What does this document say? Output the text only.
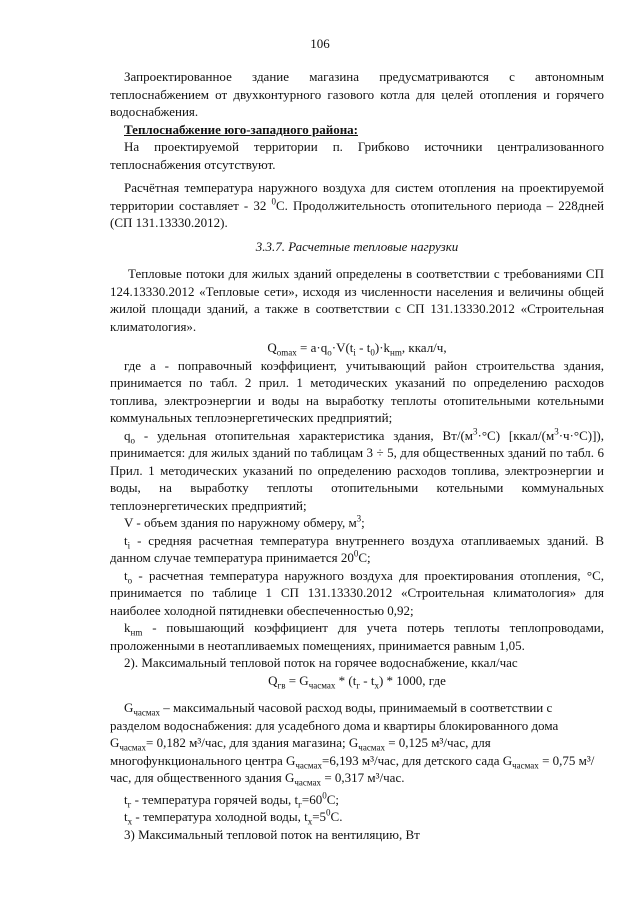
106

Запроектированное здание магазина предусматриваются с автономным теплоснабжением от двухконтурного газового котла для целей отопления и горячего водоснабжения.

Теплоснабжение юго-западного района:

На проектируемой территории п. Грибково источники централизованного теплоснабжения отсутствуют.

Расчётная температура наружного воздуха для систем отопления на проектируемой территории составляет - 32 $^0$C. Продолжительность отопительного периода – 228дней (СП 131.13330.2012).

3.3.7. Расчетные тепловые нагрузки

Тепловые потоки для жилых зданий определены в соответствии с требованиями СП 124.13330.2012 «Тепловые сети», исходя из численности населения и величины общей жилой площади зданий, а также в соответствии с СП 131.13330.2012 «Строительная климатология».

$Q_{omax} = a\cdot q_o\cdot V(t_i - t_0)\cdot k_{нm}$, ккал/ч,

где а - поправочный коэффициент, учитывающий район строительства здания, принимается по табл. 2 прил. 1 методических указаний по определению расходов топлива, электроэнергии и воды на выработку теплоты отопительными котельными коммунальных теплоэнергетических предприятий;

$q_o$ - удельная отопительная характеристика здания, $Вт/(м^3\cdot^\circ С)$ $[ккал/(м^3\cdot ч\cdot^\circ С)]$), принимается: для жилых зданий по таблицам 3 ÷ 5, для общественных зданий по табл. 6 Прил. 1 методических указаний по определению расходов топлива, электроэнергии и воды, на выработку теплоты отопительными котельными коммунальных теплоэнергетических предприятий;

V - объем здания по наружному обмеру, $м^3$;

$t_i$ - средняя расчетная температура внутреннего воздуха отапливаемых зданий. В данном случае температура принимается $20^0C$;

$t_o$ - расчетная температура наружного воздуха для проектирования отопления, °С, принимается по таблице 1 СП 131.13330.2012 «Строительная климатология» для наиболее холодной пятидневки обеспеченностью 0,92;

$k_{нm}$ - повышающий коэффициент для учета потерь теплоты теплопроводами, проложенными в неотапливаемых помещениях, принимается равным 1,05.

2). Максимальный тепловой поток на горячее водоснабжение, ккал/час

$Q_{гв} = G_{часмах} * (t_г - t_х) * 1000$, где

$G_{часмах}$ – максимальный часовой расход воды, принимаемый в соответствии с разделом водоснабжения: для усадебного дома и квартиры блокированного дома $G_{часмах}= 0,182$ м³/час, для здания магазина; $G_{часмах} = 0,125$ м³/час, для многофункционального центра $G_{часмах}=6,193$ м³/час, для детского сада $G_{часмах} = 0,75$ м³/час, для общественного здания $G_{часмах} = 0,317$ м³/час.

$t_г$ - температура горячей воды, $t_г=60^0C$;

$t_х$ - температура холодной воды, $t_х=5^0C$.

3) Максимальный тепловой поток на вентиляцию, Вт
